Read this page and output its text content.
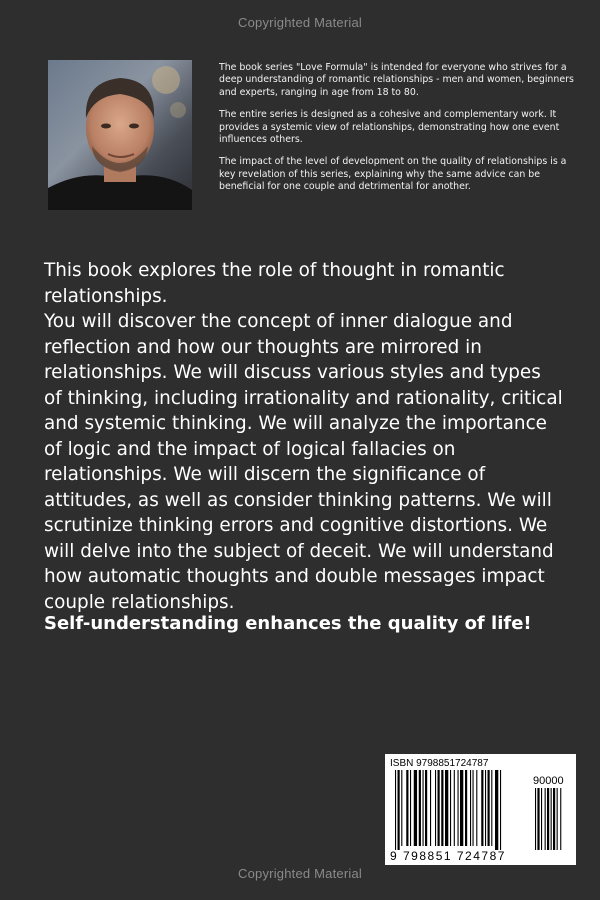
Copyrighted Material

The book series "Love Formula" is intended for everyone who strives for a deep understanding of romantic relationships - men and women, beginners and experts, ranging in age from 18 to 80.

The entire series is designed as a cohesive and complementary work. It provides a systemic view of relationships, demonstrating how one event influences others.

The impact of the level of development on the quality of relationships is a key revelation of this series, explaining why the same advice can be beneficial for one couple and detrimental for another.

This book explores the role of thought in romantic relationships.
You will discover the concept of inner dialogue and reflection and how our thoughts are mirrored in relationships. We will discuss various styles and types of thinking, including irrationality and rationality, critical and systemic thinking. We will analyze the importance of logic and the impact of logical fallacies on relationships. We will discern the significance of attitudes, as well as consider thinking patterns. We will scrutinize thinking errors and cognitive distortions. We will delve into the subject of deceit. We will understand how automatic thoughts and double messages impact couple relationships.

Self-understanding enhances the quality of life!

ISBN 9798851724787
90000
9 798851 724787
Copyrighted Material
